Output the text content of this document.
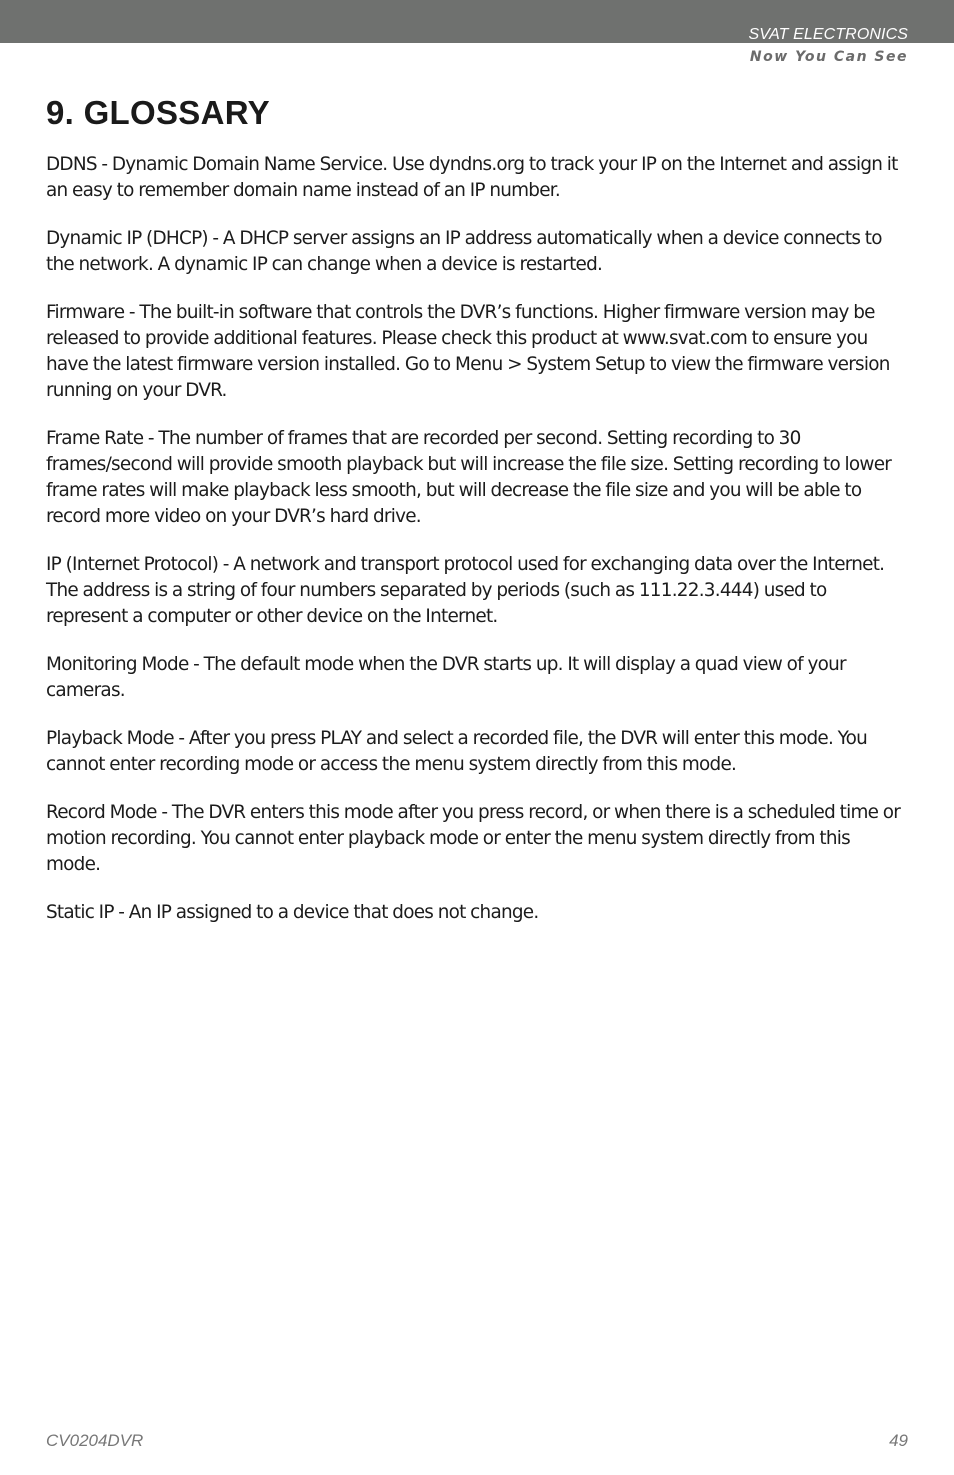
SVAT ELECTRONICS
Now You Can See
9. GLOSSARY

DDNS - Dynamic Domain Name Service. Use dyndns.org to track your IP on the Internet and assign it an easy to remember domain name instead of an IP number.

Dynamic IP (DHCP) - A DHCP server assigns an IP address automatically when a device connects to the network. A dynamic IP can change when a device is restarted.

Firmware - The built-in software that controls the DVR’s functions. Higher firmware version may be released to provide additional features. Please check this product at www.svat.com to ensure you have the latest firmware version installed. Go to Menu > System Setup to view the firmware version running on your DVR.

Frame Rate - The number of frames that are recorded per second. Setting recording to 30 frames/second will provide smooth playback but will increase the file size. Setting recording to lower frame rates will make playback less smooth, but will decrease the file size and you will be able to record more video on your DVR’s hard drive.

IP (Internet Protocol) - A network and transport protocol used for exchanging data over the Internet. The address is a string of four numbers separated by periods (such as 111.22.3.444) used to represent a computer or other device on the Internet.

Monitoring Mode - The default mode when the DVR starts up. It will display a quad view of your cameras.

Playback Mode - After you press PLAY and select a recorded file, the DVR will enter this mode. You cannot enter recording mode or access the menu system directly from this mode.

Record Mode - The DVR enters this mode after you press record, or when there is a scheduled time or motion recording. You cannot enter playback mode or enter the menu system directly from this mode.

Static IP - An IP assigned to a device that does not change.

CV0204DVR	49
